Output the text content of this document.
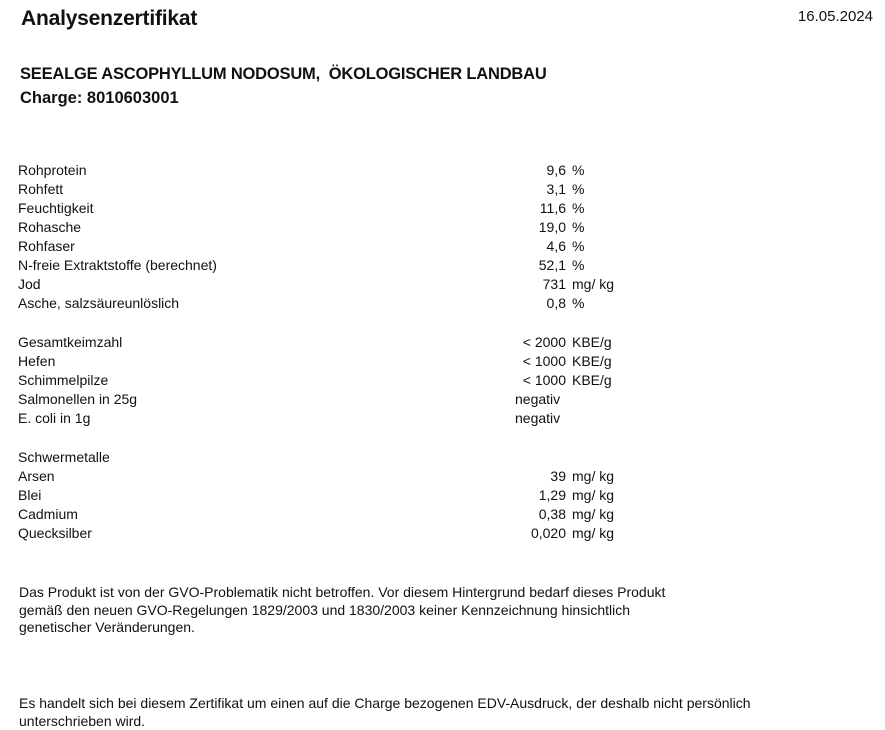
Analysenzertifikat	16.05.2024
SEEALGE ASCOPHYLLUM NODOSUM,  ÖKOLOGISCHER LANDBAU
Charge: 8010603001
Rohprotein	9,6 %
Rohfett	3,1 %
Feuchtigkeit	11,6 %
Rohasche	19,0 %
Rohfaser	4,6 %
N-freie Extraktstoffe (berechnet)	52,1 %
Jod	731 mg/ kg
Asche, salzsäureunlöslich	0,8 %
Gesamtkeimzahl	< 2000 KBE/g
Hefen	< 1000 KBE/g
Schimmelpilze	< 1000 KBE/g
Salmonellen in 25g	negativ
E. coli in 1g	negativ
Schwermetalle
Arsen	39 mg/ kg
Blei	1,29 mg/ kg
Cadmium	0,38 mg/ kg
Quecksilber	0,020 mg/ kg
Das Produkt ist von der GVO-Problematik nicht betroffen. Vor diesem Hintergrund bedarf dieses Produkt
gemäß den neuen GVO-Regelungen 1829/2003 und 1830/2003 keiner Kennzeichnung hinsichtlich
genetischer Veränderungen.
Es handelt sich bei diesem Zertifikat um einen auf die Charge bezogenen EDV-Ausdruck, der deshalb nicht persönlich
unterschrieben wird.
